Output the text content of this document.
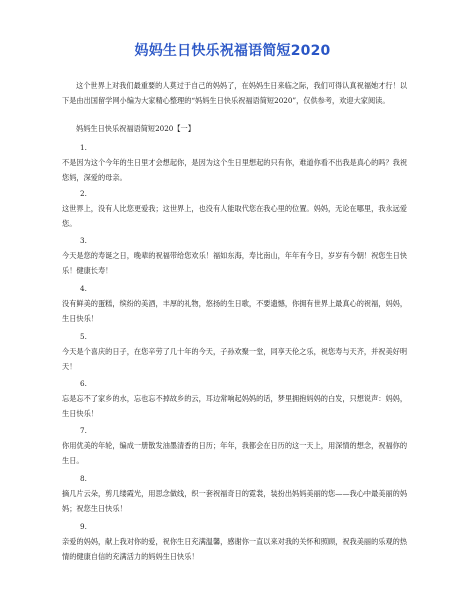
妈妈生日快乐祝福语简短2020
这个世界上对我们最重要的人莫过于自己的妈妈了，在妈妈生日来临之际，我们可得认真祝福她才行！以下是由出国留学网小编为大家精心整理的“妈妈生日快乐祝福语简短2020”，仅供参考，欢迎大家阅读。
妈妈生日快乐祝福语简短2020【一】
1.
不是因为这个今年的生日里才会想起你，是因为这个生日里想起的只有你，难道你看不出我是真心的吗？我祝您妈，深爱的母亲。
2.
这世界上，没有人比您更爱我；这世界上，也没有人能取代您在我心里的位置。妈妈，无论在哪里，我永远爱您。
3.
今天是您的寿诞之日，晚辈的祝福带给您欢乐！福如东海，寿比南山，年年有今日，岁岁有今朝！祝您生日快乐！健康长寿！
4.
没有鲜美的蛋糕，缤纷的美酒，丰厚的礼物，悠扬的生日歌，不要遗憾，你拥有世界上最真心的祝福，妈妈，生日快乐！
5.
今天是个喜庆的日子，在您辛劳了几十年的今天，子孙欢聚一堂，同享天伦之乐，祝您寿与天齐，并祝美好明天！
6.
忘是忘不了家乡的水，忘也忘不掉故乡的云，耳边常响起妈妈的话，梦里拥抱妈妈的白发，只想说声：妈妈，生日快乐！
7.
你用优美的年轮，编成一册散发油墨清香的日历；年年，我都会在日历的这一天上，用深情的想念，祝福你的生日。
8.
摘几片云朵，剪几缕霞光，用思念做线，织一套祝福奇日的霓裳，装扮出妈妈美丽的您——我心中最美丽的妈妈；祝您生日快乐！
9.
亲爱的妈妈，献上我对你的爱，祝你生日充满温馨，感谢你一直以来对我的关怀和照顾，祝我美丽的乐观的热情的健康自信的充满活力的妈妈生日快乐！
